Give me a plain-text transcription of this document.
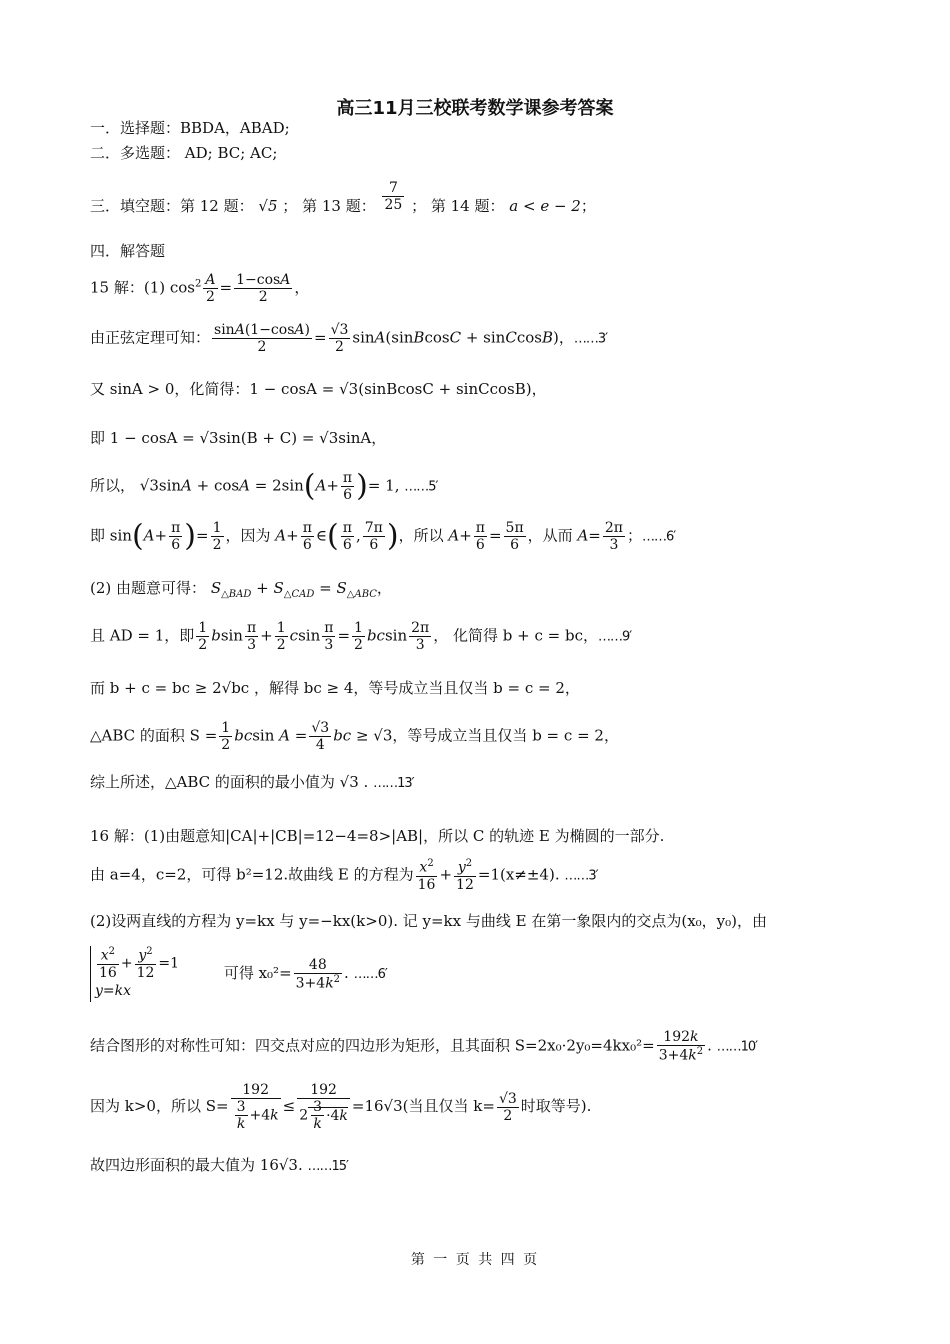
高三11月三校联考数学课参考答案
一．选择题：BBDA，ABAD;
二．多选题： AD; BC; AC;
三．填空题：第 12 题： √5 ； 第 13 题： $\frac{7}{25}$ ； 第 14 题： a < e − 2；
四．解答题
15 解：(1) $\cos^2 \frac{A}{2} = \frac{1-\cos A}{2}$ ，
由正弦定理可知： $\frac{\sin A(1-\cos A)}{2} = \frac{√3}{2}$ sinA(sinBcosC + sinCcosB)，……3′
又 sinA > 0，化简得：1 − cosA = √3(sinBcosC + sinCcosB)，
即 1 − cosA = √3sin(B + C) = √3sinA，
所以， $√3\sin A + \cos A = 2\sin(A+ \frac{\pi}{6}$ )= 1, ……5′
即 $\sin(A+ \frac{\pi}{6}$ )= $\frac{1}{2}$ ，因为 $A+ \frac{\pi}{6}$ ∈( $\frac{\pi}{6}$ , $\frac{7\pi}{6}$ )，所以 $A+ \frac{\pi}{6} = \frac{5\pi}{6}$ ，从而 $A= \frac{2\pi}{3}$ ；……6′
(2) 由题意可得： $S_{\triangle BAD} + S_{\triangle CAD} = S_{\triangle ABC}$，
且 AD = 1，即 $\frac{1}{2}$ bsin $\frac{\pi}{3} + \frac{1}{2}$ csin $\frac{\pi}{3} = \frac{1}{2}$ bcsin $\frac{2\pi}{3}$ ， 化简得 b + c = bc，……9′
而 b + c = bc ≥ 2√bc ，解得 bc ≥ 4，等号成立当且仅当 b = c = 2，
△ABC 的面积 $S = \frac{1}{2}$ bcsin $A = \frac{√3}{4}$ bc ≥ √3，等号成立当且仅当 b = c = 2，
综上所述，△ABC 的面积的最小值为 √3 . ……13′
16 解：(1)由题意知|CA|+|CB|=12−4=8>|AB|，所以 C 的轨迹 E 为椭圆的一部分.
由 a=4，c=2，可得 b²=12.故曲线 E 的方程为 $\frac{x^2}{16} + \frac{y^2}{12} =1(x\ne\pm 4)$. ……3′
(2)设两直线的方程为 y=kx 与 y=−kx(k>0). 记 y=kx 与曲线 E 在第一象限内的交点为(x₀，y₀)，由
$\frac{x^2}{16} + \frac{y^2}{12} =1$
y=kx 可得 $x_0^2= \frac{48}{3+4k^2}$ . ……6′
结合图形的对称性可知：四交点对应的四边形为矩形，且其面积 $S=2x_0\cdot 2y_0=4kx_0^2= \frac{192k}{3+4k^2}$ . ……10′
因为 k>0，所以 $S= \frac{192}{\frac{3}{k} +4k} \le \frac{192}{2 \frac{3}{k} \cdot 4k} =16√3$(当且仅当 $k= \frac{√3}{2}$ 时取等号).
故四边形面积的最大值为 16√3. ……15′
第 一 页 共 四 页
